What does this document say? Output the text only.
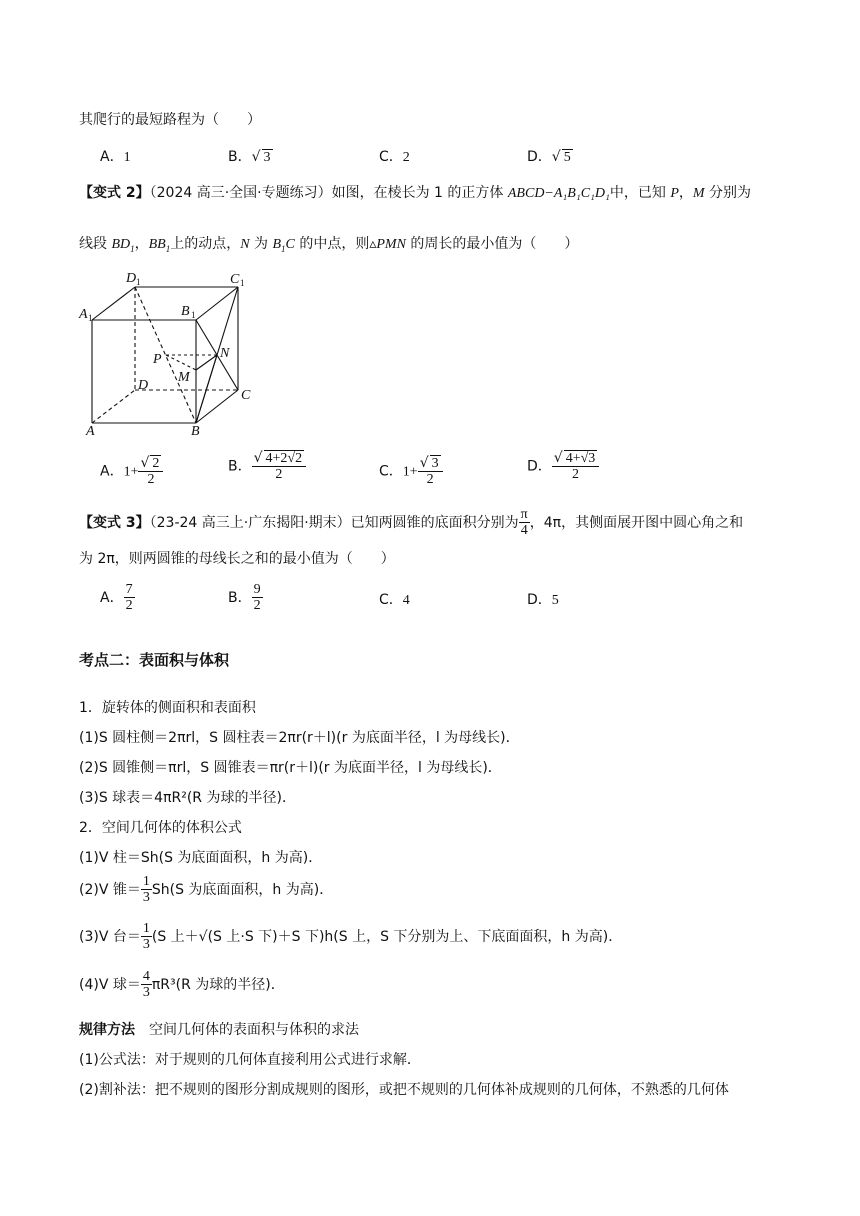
其爬行的最短路程为（　　）
A．1	B．√ 3	C．2	D．√ 5
【变式 2】（2024 高三·全国·专题练习）如图，在棱长为 1 的正方体 ABCD−A₁B₁C₁D₁中，已知 P，M 分别为
线段 $BD_1$，$BB_1$上的动点，N 为 $B_1C$ 的中点，则▵PMN 的周长的最小值为（　　）
D 1	C 1
A 1	B 1
P
M
N
D
C
A	B
A．$1+ \frac{√ 2}{2}$	B． $\frac{√ 4+2√2}{2}$	C．$1+ \frac{√ 3}{2}$	D． $\frac{√ 4+√3}{2}$
【变式 3】（23-24 高三上·广东揭阳·期末）已知两圆锥的底面积分别为 $\frac{\pi}{4}$ ，4π，其侧面展开图中圆心角之和
为 2π，则两圆锥的母线长之和的最小值为（　　）
A． $\frac{7}{2}$	B． $\frac{9}{2}$	C．4	D．5
考点二：表面积与体积
1．旋转体的侧面积和表面积
(1)S 圆柱侧＝2πrl，S 圆柱表＝2πr(r＋l)(r 为底面半径，l 为母线长)．
(2)S 圆锥侧＝πrl，S 圆锥表＝πr(r＋l)(r 为底面半径，l 为母线长)．
(3)S 球表＝4πR²(R 为球的半径)．
2．空间几何体的体积公式
(1)V 柱＝Sh(S 为底面面积，h 为高)．
(2)V 锥＝ $\frac{1}{3} Sh(S$ 为底面面积，h 为高)．
(3)V 台＝ $\frac{1}{3} (S$ 上＋√(S 上·S 下)＋S 下)h(S 上，S 下分别为上、下底面面积，h 为高)．
(4)V 球＝ $\frac{4}{3} \pi R^3(R$ 为球的半径)．
规律方法　 空间几何体的表面积与体积的求法
(1)公式法：对于规则的几何体直接利用公式进行求解．
(2)割补法：把不规则的图形分割成规则的图形，或把不规则的几何体补成规则的几何体，不熟悉的几何体
